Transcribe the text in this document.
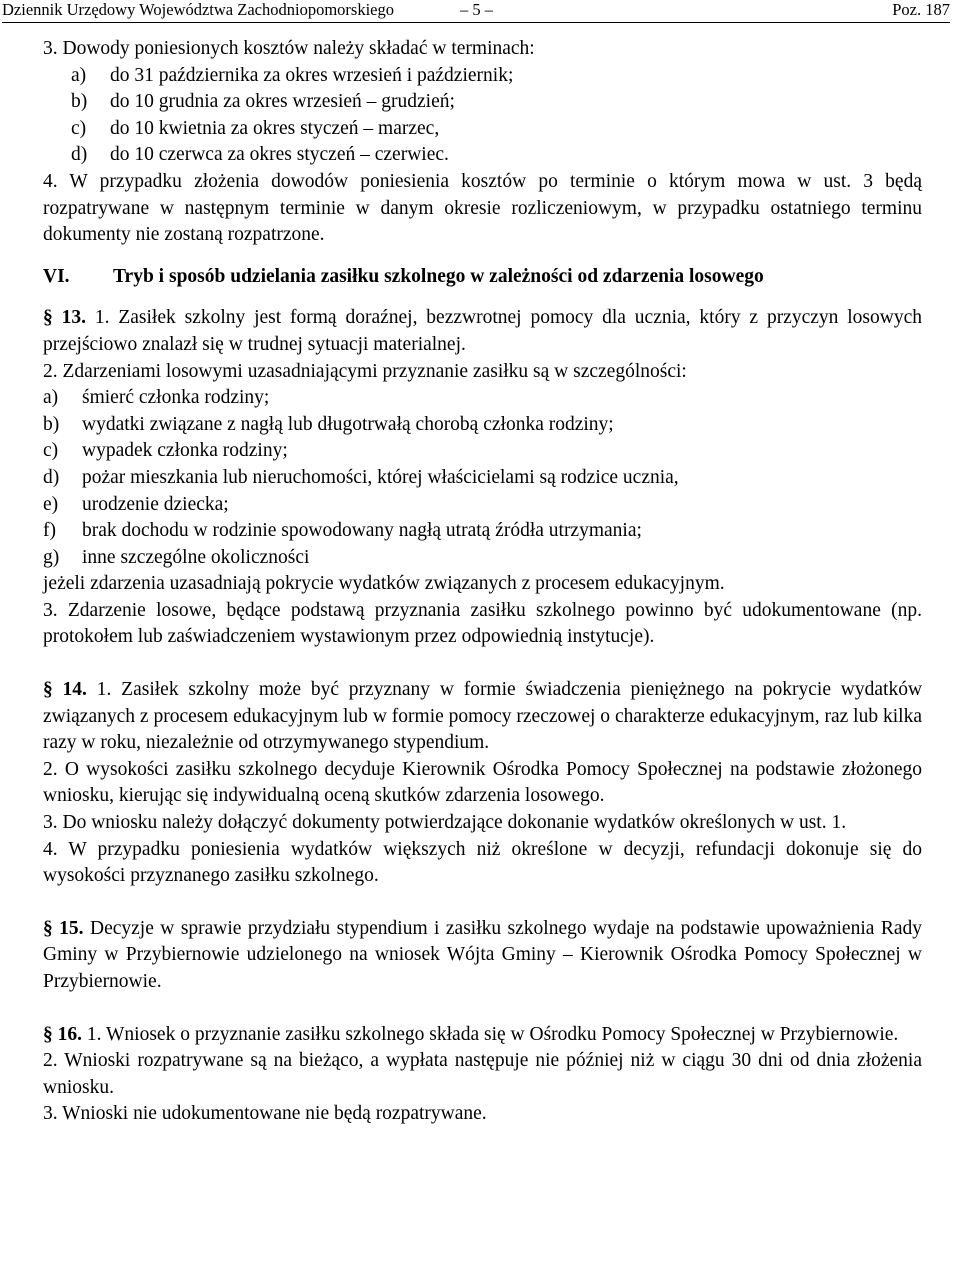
Dziennik Urzędowy Województwa Zachodniopomorskiego	– 5 –	Poz. 187

3. Dowody poniesionych kosztów należy składać w terminach:

a)	do 31 października za okres wrzesień i październik;
b)	do 10 grudnia za okres wrzesień – grudzień;
c)	do 10 kwietnia za okres styczeń – marzec,
d)	do 10 czerwca za okres styczeń – czerwiec.

4. W przypadku złożenia dowodów poniesienia kosztów po terminie o którym mowa w ust. 3 będą rozpatrywane w następnym terminie w danym okresie rozliczeniowym, w przypadku ostatniego terminu dokumenty nie zostaną rozpatrzone.

VI.	Tryb i sposób udzielania zasiłku szkolnego w zależności od zdarzenia losowego

§ 13. 1. Zasiłek szkolny jest formą doraźnej, bezzwrotnej pomocy dla ucznia, który z przyczyn losowych przejściowo znalazł się w trudnej sytuacji materialnej.

2. Zdarzeniami losowymi uzasadniającymi przyznanie zasiłku są w szczególności:

a)	śmierć członka rodziny;
b)	wydatki związane z nagłą lub długotrwałą chorobą członka rodziny;
c)	wypadek członka rodziny;
d)	pożar mieszkania lub nieruchomości, której właścicielami są rodzice ucznia,
e)	urodzenie dziecka;
f)	brak dochodu w rodzinie spowodowany nagłą utratą źródła utrzymania;
g)	inne szczególne okoliczności

jeżeli zdarzenia uzasadniają pokrycie wydatków związanych z procesem edukacyjnym.

3. Zdarzenie losowe, będące podstawą przyznania zasiłku szkolnego powinno być udokumentowane (np. protokołem lub zaświadczeniem wystawionym przez odpowiednią instytucje).

§ 14. 1. Zasiłek szkolny może być przyznany w formie świadczenia pieniężnego na pokrycie wydatków związanych z procesem edukacyjnym lub w formie pomocy rzeczowej o charakterze edukacyjnym, raz lub kilka razy w roku, niezależnie od otrzymywanego stypendium.

2. O wysokości zasiłku szkolnego decyduje Kierownik Ośrodka Pomocy Społecznej na podstawie złożonego wniosku, kierując się indywidualną oceną skutków zdarzenia losowego.

3. Do wniosku należy dołączyć dokumenty potwierdzające dokonanie wydatków określonych w ust. 1.

4. W przypadku poniesienia wydatków większych niż określone w decyzji, refundacji dokonuje się do wysokości przyznanego zasiłku szkolnego.

§ 15. Decyzje w sprawie przydziału stypendium i zasiłku szkolnego wydaje na podstawie upoważnienia Rady Gminy w Przybiernowie udzielonego na wniosek Wójta Gminy – Kierownik Ośrodka Pomocy Społecznej w Przybiernowie.

§ 16. 1. Wniosek o przyznanie zasiłku szkolnego składa się w Ośrodku Pomocy Społecznej w Przybiernowie.

2. Wnioski rozpatrywane są na bieżąco, a wypłata następuje nie później niż w ciągu 30 dni od dnia złożenia wniosku.

3. Wnioski nie udokumentowane nie będą rozpatrywane.
